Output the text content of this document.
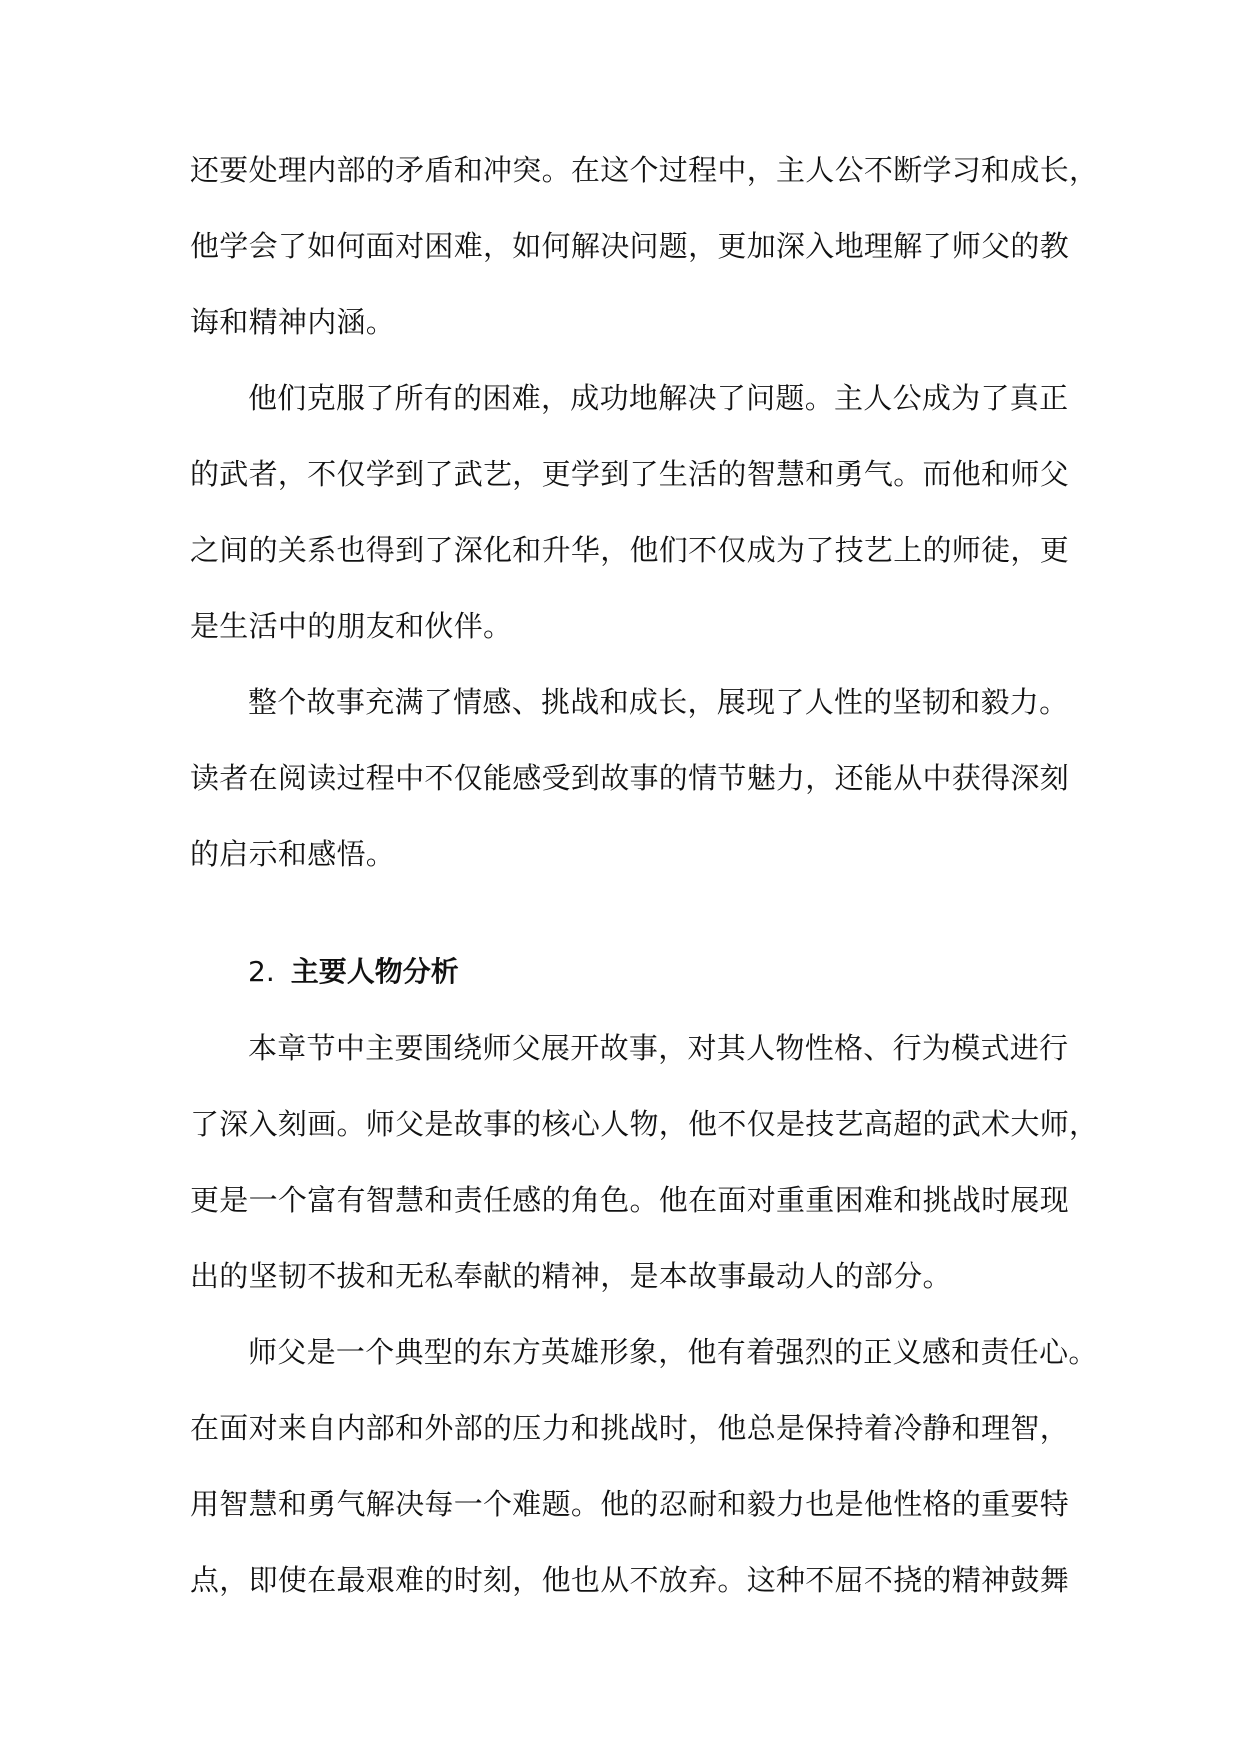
还要处理内部的矛盾和冲突。在这个过程中，主人公不断学习和成长，
他学会了如何面对困难，如何解决问题，更加深入地理解了师父的教
诲和精神内涵。
他们克服了所有的困难，成功地解决了问题。主人公成为了真正
的武者，不仅学到了武艺，更学到了生活的智慧和勇气。而他和师父
之间的关系也得到了深化和升华，他们不仅成为了技艺上的师徒，更
是生活中的朋友和伙伴。
整个故事充满了情感、挑战和成长，展现了人性的坚韧和毅力。
读者在阅读过程中不仅能感受到故事的情节魅力，还能从中获得深刻
的启示和感悟。
2. 主要人物分析
本章节中主要围绕师父展开故事，对其人物性格、行为模式进行
了深入刻画。师父是故事的核心人物，他不仅是技艺高超的武术大师，
更是一个富有智慧和责任感的角色。他在面对重重困难和挑战时展现
出的坚韧不拔和无私奉献的精神，是本故事最动人的部分。
师父是一个典型的东方英雄形象，他有着强烈的正义感和责任心。
在面对来自内部和外部的压力和挑战时，他总是保持着冷静和理智，
用智慧和勇气解决每一个难题。他的忍耐和毅力也是他性格的重要特
点，即使在最艰难的时刻，他也从不放弃。这种不屈不挠的精神鼓舞
